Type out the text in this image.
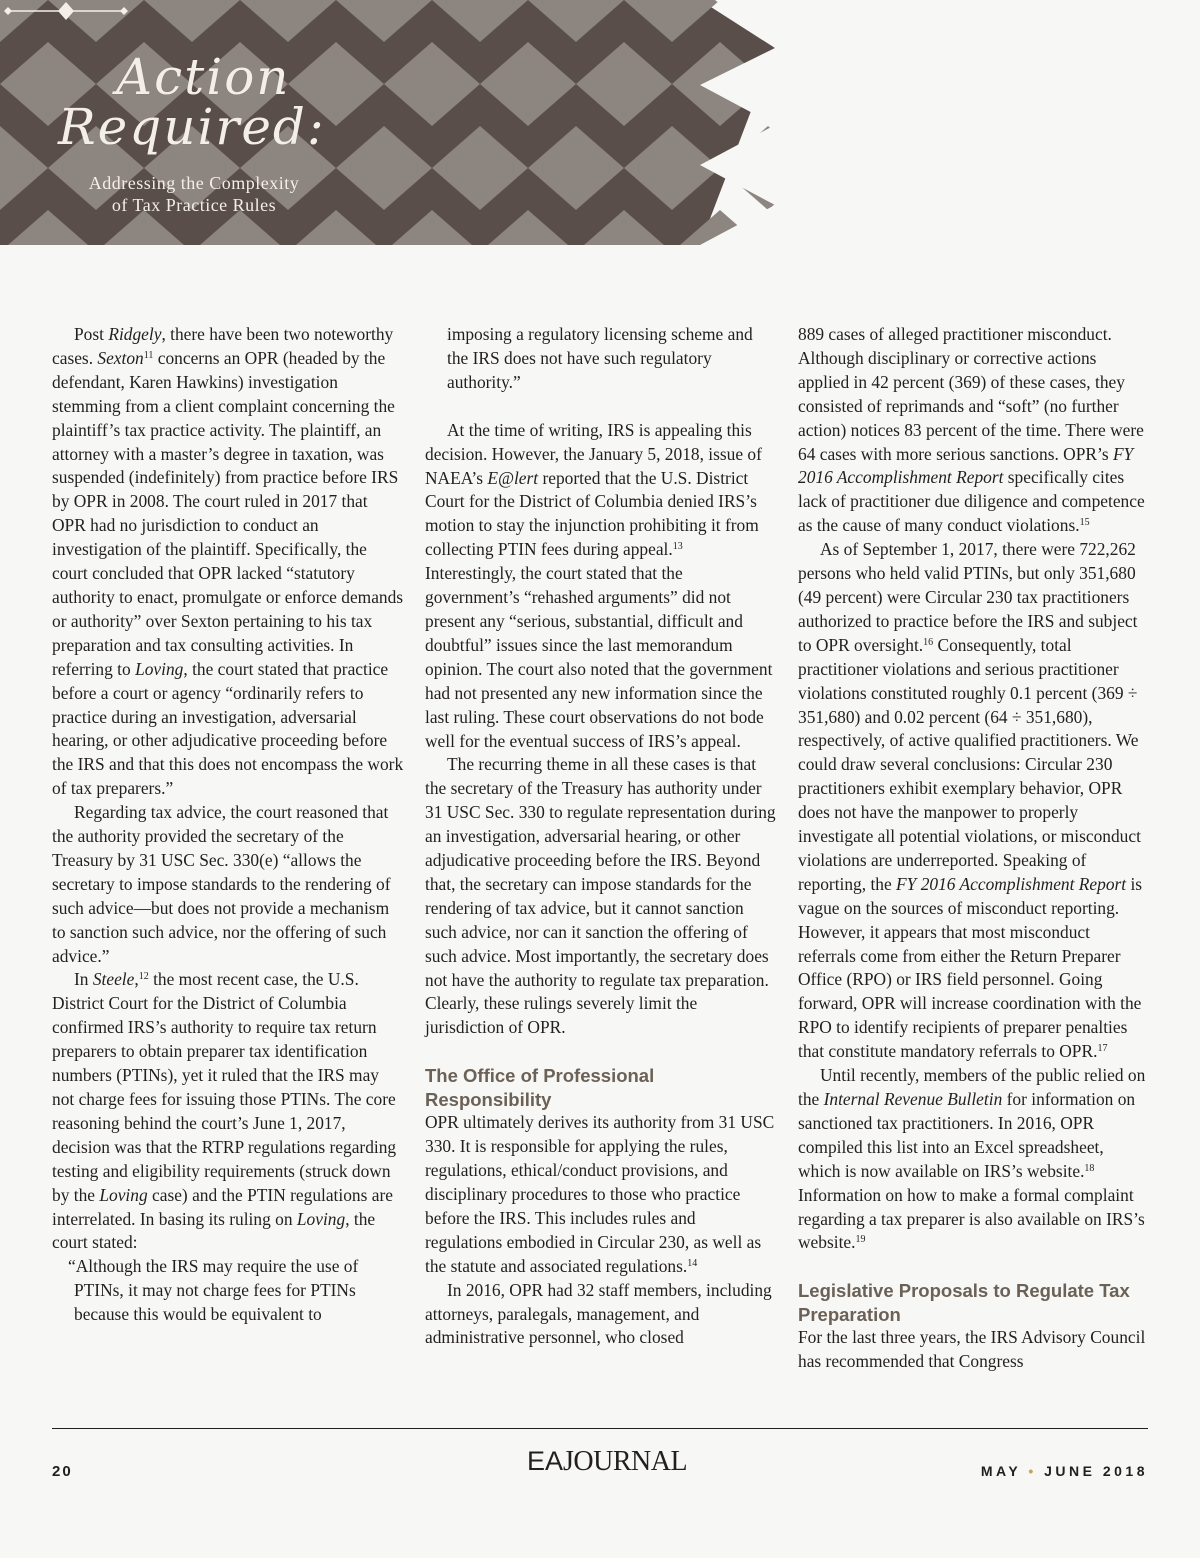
Action
Required:
Addressing the Complexity
of Tax Practice Rules

Post Ridgely, there have been two noteworthy cases. Sexton$^{11}$ concerns an OPR (headed by the defendant, Karen Hawkins) investigation stemming from a client complaint concerning the plaintiff’s tax practice activity. The plaintiff, an attorney with a master’s degree in taxation, was suspended (indefinitely) from practice before IRS by OPR in 2008. The court ruled in 2017 that OPR had no jurisdiction to conduct an investigation of the plaintiff. Specifically, the court concluded that OPR lacked “statutory authority to enact, promulgate or enforce demands or authority” over Sexton pertaining to his tax preparation and tax consulting activities. In referring to Loving, the court stated that practice before a court or agency “ordinarily refers to practice during an investigation, adversarial hearing, or other adjudicative proceeding before the IRS and that this does not encompass the work of tax preparers.”

Regarding tax advice, the court reasoned that the authority provided the secretary of the Treasury by 31 USC Sec. 330(e) “allows the secretary to impose standards to the rendering of such advice—but does not provide a mechanism to sanction such advice, nor the offering of such advice.”

In Steele,$^{12}$ the most recent case, the U.S. District Court for the District of Columbia confirmed IRS’s authority to require tax return preparers to obtain preparer tax identification numbers (PTINs), yet it ruled that the IRS may not charge fees for issuing those PTINs. The core reasoning behind the court’s June 1, 2017, decision was that the RTRP regulations regarding testing and eligibility requirements (struck down by the Loving case) and the PTIN regulations are interrelated. In basing its ruling on Loving, the court stated:

“Although the IRS may require the use of PTINs, it may not charge fees for PTINs because this would be equivalent to

imposing a regulatory licensing scheme and the IRS does not have such regulatory authority.”

At the time of writing, IRS is appealing this decision. However, the January 5, 2018, issue of NAEA’s E@lert reported that the U.S. District Court for the District of Columbia denied IRS’s motion to stay the injunction prohibiting it from collecting PTIN fees during appeal.$^{13}$ Interestingly, the court stated that the government’s “rehashed arguments” did not present any “serious, substantial, difficult and doubtful” issues since the last memorandum opinion. The court also noted that the government had not presented any new information since the last ruling. These court observations do not bode well for the eventual success of IRS’s appeal.

The recurring theme in all these cases is that the secretary of the Treasury has authority under 31 USC Sec. 330 to regulate representation during an investigation, adversarial hearing, or other adjudicative proceeding before the IRS. Beyond that, the secretary can impose standards for the rendering of tax advice, but it cannot sanction such advice, nor can it sanction the offering of such advice. Most importantly, the secretary does not have the authority to regulate tax preparation. Clearly, these rulings severely limit the jurisdiction of OPR.

The Office of Professional Responsibility

OPR ultimately derives its authority from 31 USC 330. It is responsible for applying the rules, regulations, ethical/conduct provisions, and disciplinary procedures to those who practice before the IRS. This includes rules and regulations embodied in Circular 230, as well as the statute and associated regulations.$^{14}$

In 2016, OPR had 32 staff members, including attorneys, paralegals, management, and administrative personnel, who closed

889 cases of alleged practitioner misconduct. Although disciplinary or corrective actions applied in 42 percent (369) of these cases, they consisted of reprimands and “soft” (no further action) notices 83 percent of the time. There were 64 cases with more serious sanctions. OPR’s FY 2016 Accomplishment Report specifically cites lack of practitioner due diligence and competence as the cause of many conduct violations.$^{15}$

As of September 1, 2017, there were 722,262 persons who held valid PTINs, but only 351,680 (49 percent) were Circular 230 tax practitioners authorized to practice before the IRS and subject to OPR oversight.$^{16}$ Consequently, total practitioner violations and serious practitioner violations constituted roughly 0.1 percent (369 ÷ 351,680) and 0.02 percent (64 ÷ 351,680), respectively, of active qualified practitioners. We could draw several conclusions: Circular 230 practitioners exhibit exemplary behavior, OPR does not have the manpower to properly investigate all potential violations, or misconduct violations are underreported. Speaking of reporting, the FY 2016 Accomplishment Report is vague on the sources of misconduct reporting. However, it appears that most misconduct referrals come from either the Return Preparer Office (RPO) or IRS field personnel. Going forward, OPR will increase coordination with the RPO to identify recipients of preparer penalties that constitute mandatory referrals to OPR.$^{17}$

Until recently, members of the public relied on the Internal Revenue Bulletin for information on sanctioned tax practitioners. In 2016, OPR compiled this list into an Excel spreadsheet, which is now available on IRS’s website.$^{18}$ Information on how to make a formal complaint regarding a tax preparer is also available on IRS’s website.$^{19}$

Legislative Proposals to Regulate Tax Preparation

For the last three years, the IRS Advisory Council has recommended that Congress

20	EAJOURNAL	MAY • JUNE 2018
